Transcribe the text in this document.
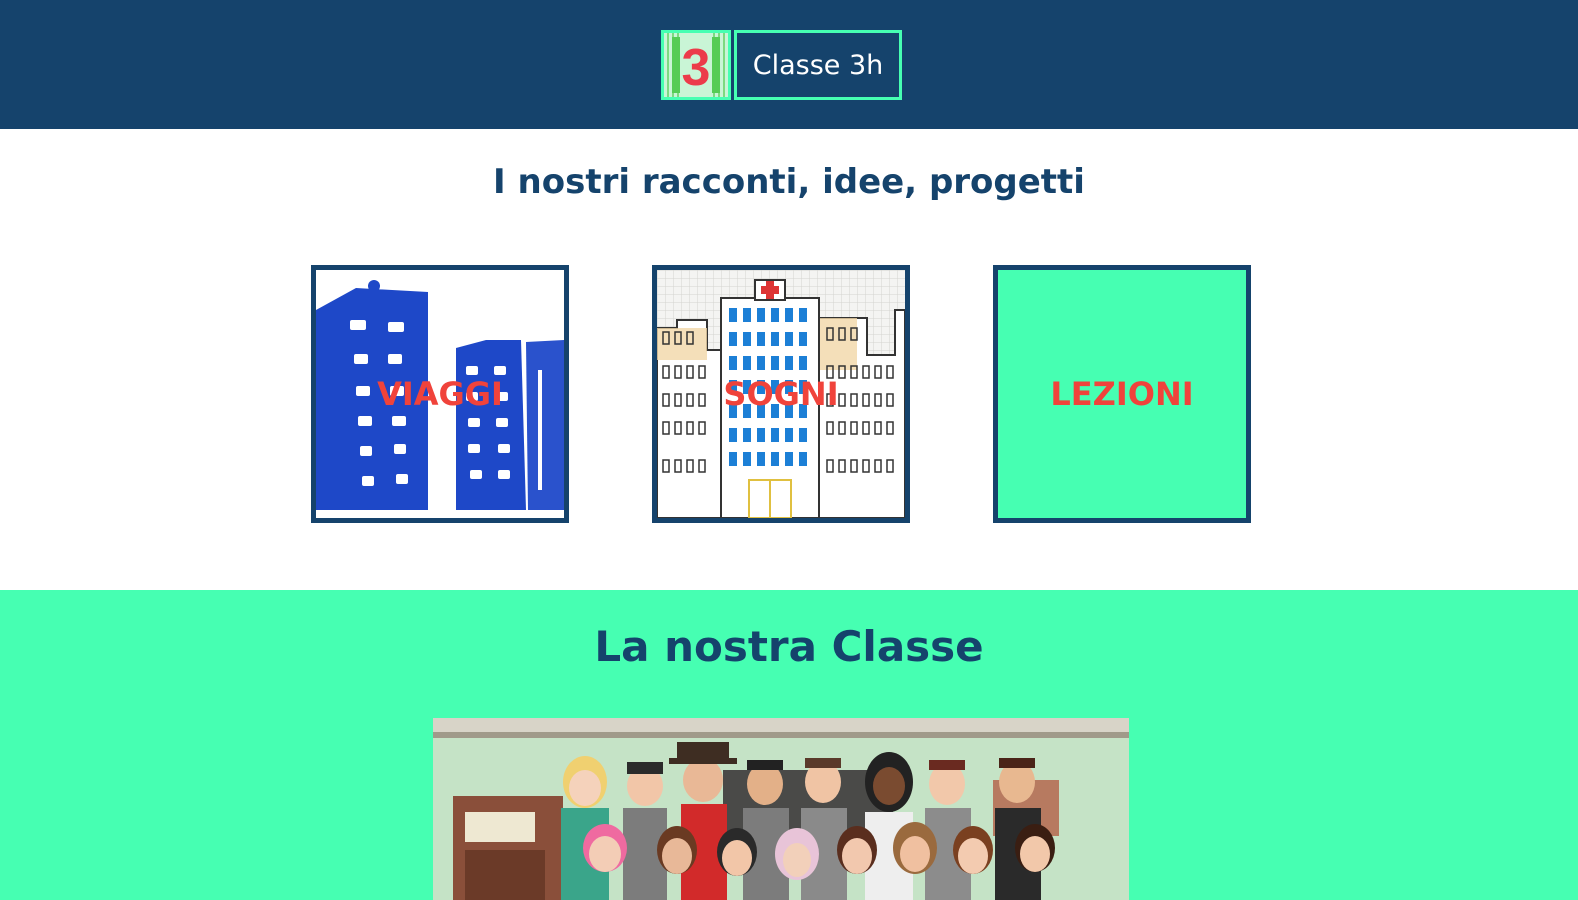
3	Classe 3h
I nostri racconti, idee, progetti
VIAGGI	SOGNI	LEZIONI
La nostra Classe
